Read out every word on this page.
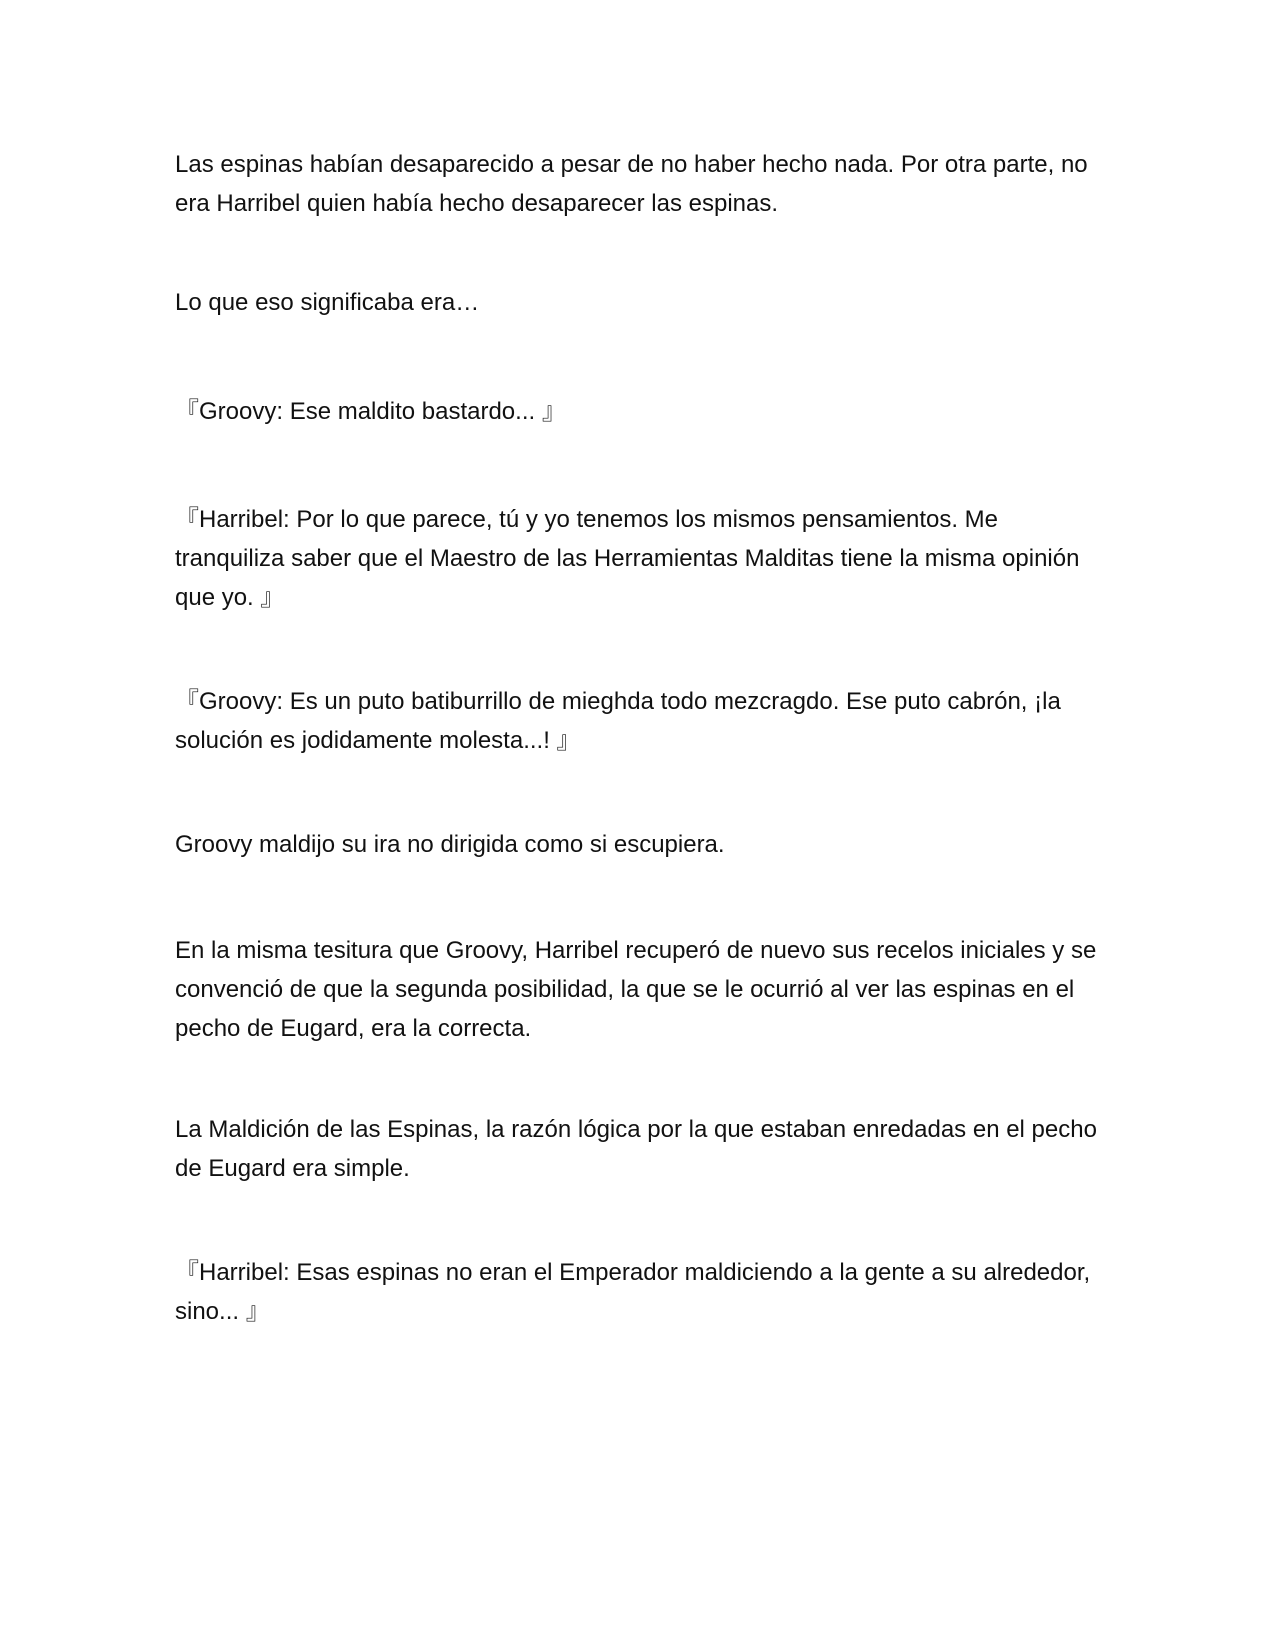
Las espinas habían desaparecido a pesar de no haber hecho nada. Por otra parte, no era Harribel quien había hecho desaparecer las espinas.

Lo que eso significaba era…

『Groovy: Ese maldito bastardo... 』

『Harribel: Por lo que parece, tú y yo tenemos los mismos pensamientos. Me tranquiliza saber que el Maestro de las Herramientas Malditas tiene la misma opinión que yo. 』

『Groovy: Es un puto batiburrillo de mieghda todo mezcragdo. Ese puto cabrón, ¡la solución es jodidamente molesta...! 』

Groovy maldijo su ira no dirigida como si escupiera.

En la misma tesitura que Groovy, Harribel recuperó de nuevo sus recelos iniciales y se convenció de que la segunda posibilidad, la que se le ocurrió al ver las espinas en el pecho de Eugard, era la correcta.

La Maldición de las Espinas, la razón lógica por la que estaban enredadas en el pecho de Eugard era simple.

『Harribel: Esas espinas no eran el Emperador maldiciendo a la gente a su alrededor, sino... 』
